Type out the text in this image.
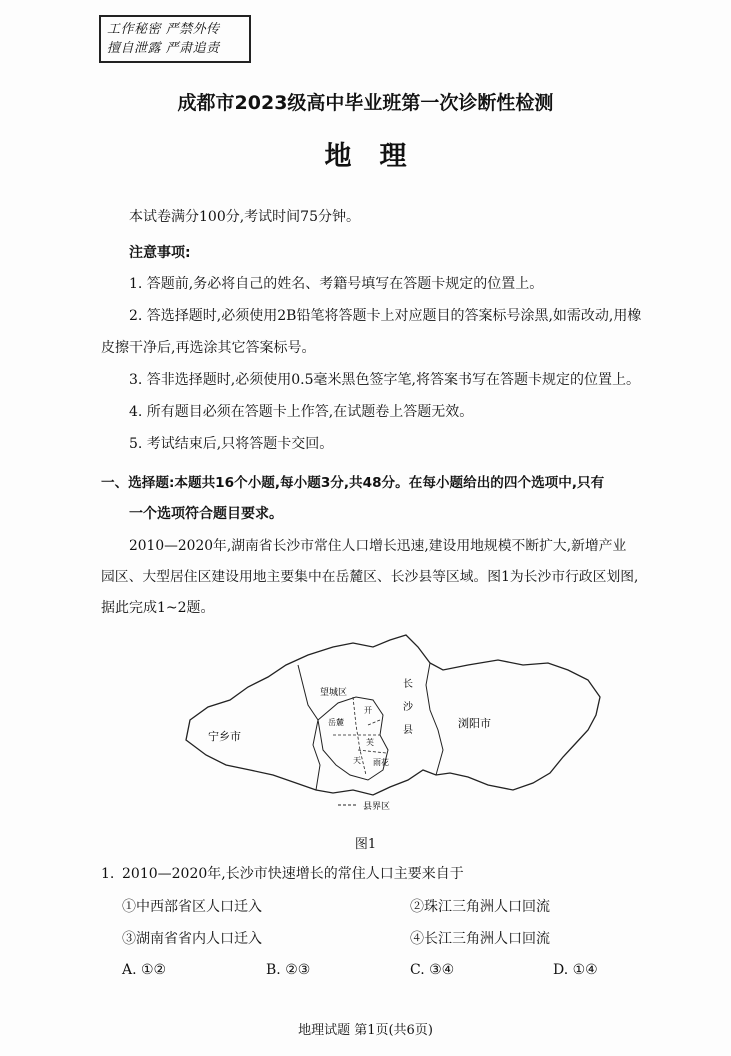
工作秘密 严禁外传
擅自泄露 严肃追责
成都市2023级高中毕业班第一次诊断性检测
地理
本试卷满分100分,考试时间75分钟。
注意事项:
1. 答题前,务必将自己的姓名、考籍号填写在答题卡规定的位置上。
2. 答选择题时,必须使用2B铅笔将答题卡上对应题目的答案标号涂黑,如需改动,用橡
皮擦干净后,再选涂其它答案标号。
3. 答非选择题时,必须使用0.5毫米黑色签字笔,将答案书写在答题卡规定的位置上。
4. 所有题目必须在答题卡上作答,在试题卷上答题无效。
5. 考试结束后,只将答题卡交回。
一、选择题:本题共16个小题,每小题3分,共48分。在每小题给出的四个选项中,只有
一个选项符合题目要求。
2010—2020年,湖南省长沙市常住人口增长迅速,建设用地规模不断扩大,新增产业
园区、大型居住区建设用地主要集中在岳麓区、长沙县等区域。图1为长沙市行政区划图,
据此完成1~2题。
宁乡市
浏阳市
望城区
长
沙
县
岳麓
开
芙
天 雨花
县界区
图1
1. 2010—2020年,长沙市快速增长的常住人口主要来自于
①中西部省区人口迁入	②珠江三角洲人口回流
③湖南省省内人口迁入	④长江三角洲人口回流
A. ①②	B. ②③	C. ③④	D. ①④
地理试题 第1页(共6页)
